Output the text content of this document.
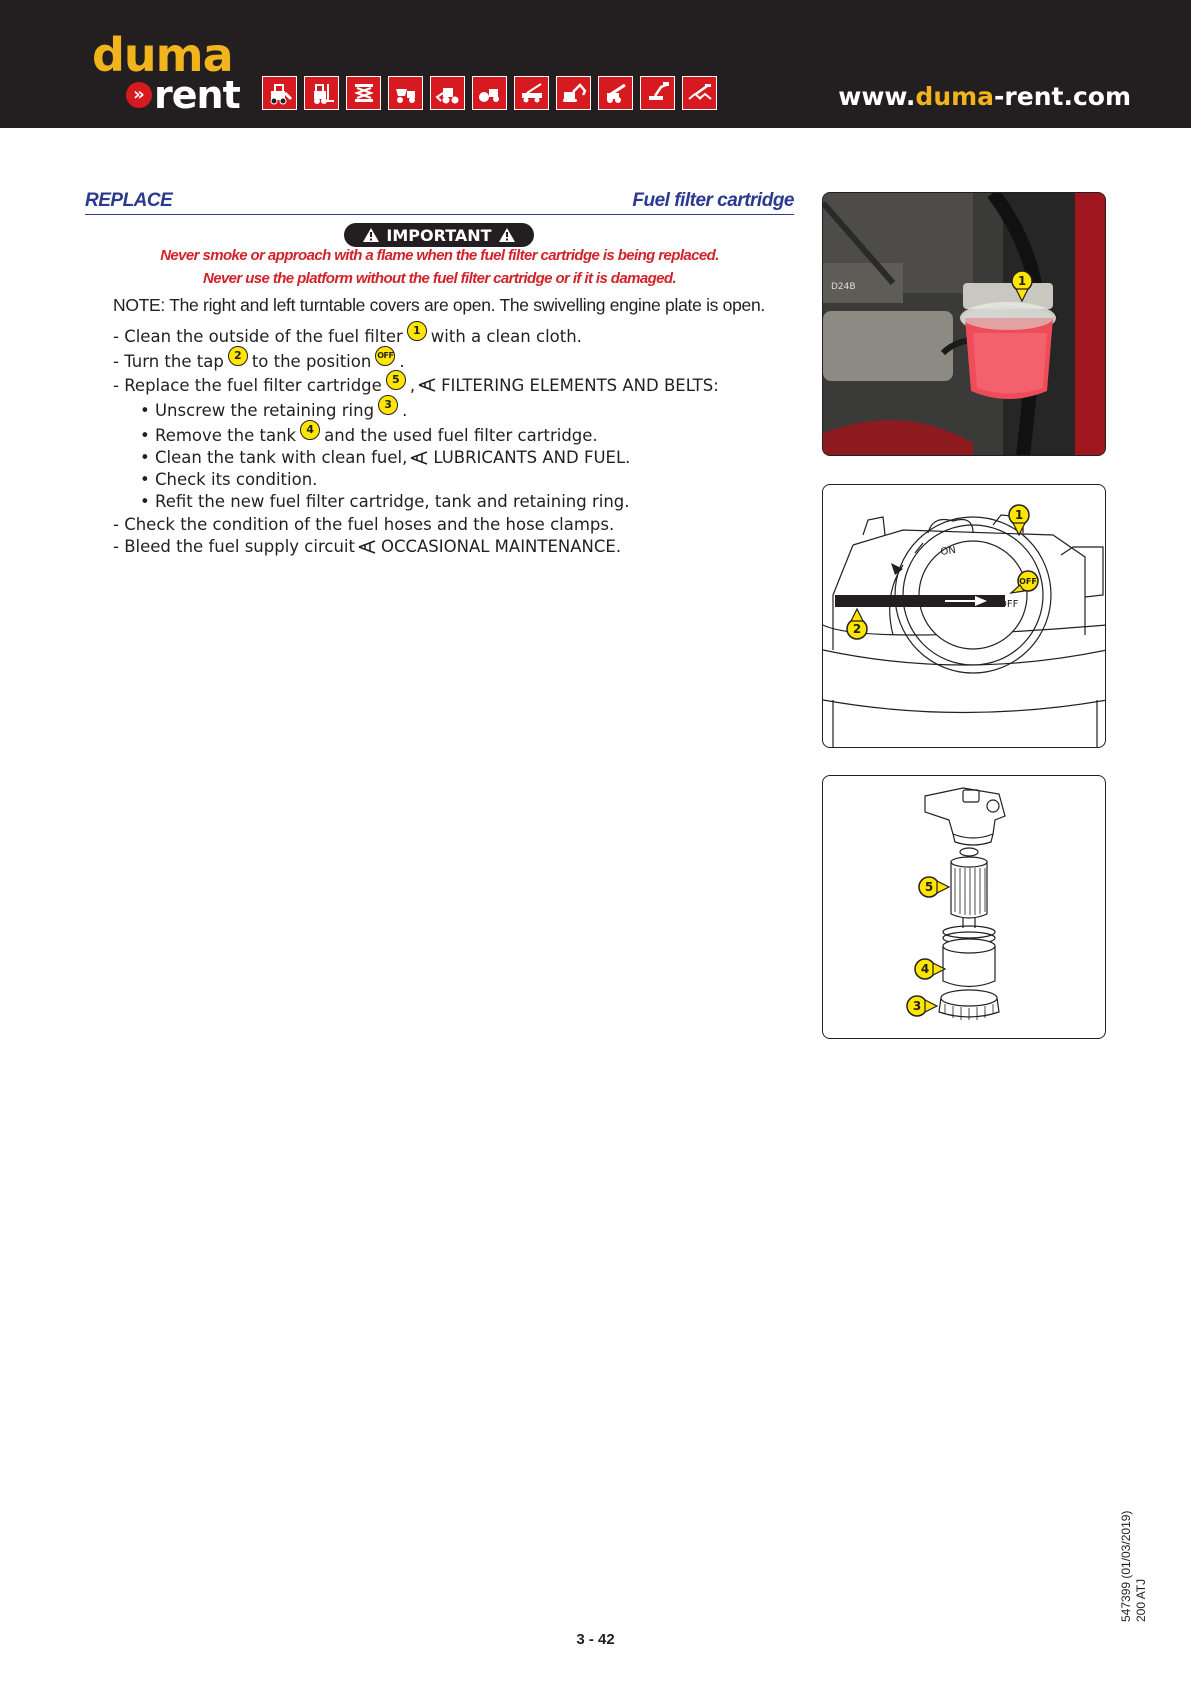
duma
» rent	www.duma-rent.com
REPLACE	Fuel filter cartridge
IMPORTANT
Never smoke or approach with a flame when the fuel filter cartridge is being replaced.
Never use the platform without the fuel filter cartridge or if it is damaged.
NOTE: The right and left turntable covers are open. The swivelling engine plate is open.
- Clean the outside of the fuel filter 1 with a clean cloth.
- Turn the tap 2 to the position OFF .
- Replace the fuel filter cartridge 5 , FILTERING ELEMENTS AND BELTS:
• Unscrew the retaining ring 3 .
• Remove the tank 4 and the used fuel filter cartridge.
• Clean the tank with clean fuel, LUBRICANTS AND FUEL.
• Check its condition.
• Refit the new fuel filter cartridge, tank and retaining ring.
- Check the condition of the fuel hoses and the hose clamps.
- Bleed the fuel supply circuit OCCASIONAL MAINTENANCE.
D24B	1
ON
OFF
1
OFF
2
5
4
3
547399 (01/03/2019) 200 ATJ
3 - 42
